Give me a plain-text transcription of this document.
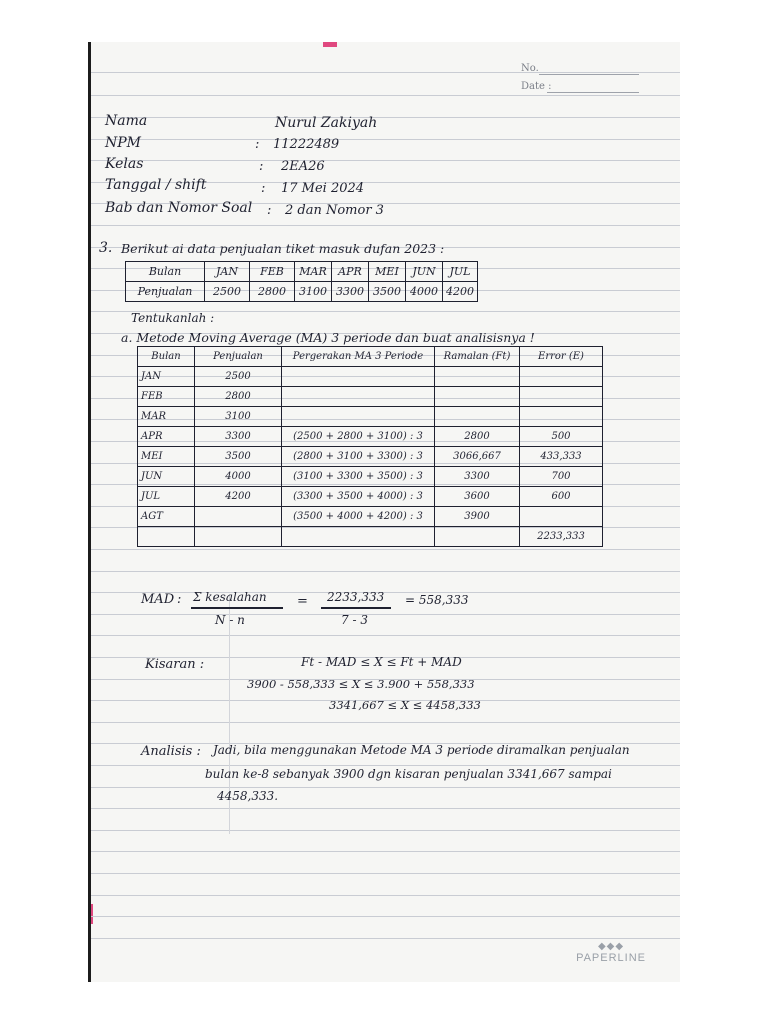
No.
Date :
Nama	Nurul Zakiyah
NPM	: 11222489
Kelas	: 2EA26
Tanggal / shift	: 17 Mei 2024
Bab dan Nomor Soal : 2 dan Nomor 3
3. Berikut ai data penjualan tiket masuk dufan 2023 :
Bulan	JAN	FEB	MAR	APR	MEI	JUN	JUL
Penjualan	2500	2800	3100	3300	3500	4000	4200
Tentukanlah :
a. Metode Moving Average (MA) 3 periode dan buat analisisnya !
Bulan	Penjualan	Pergerakan MA 3 Periode	Ramalan (Ft)	Error (E)
JAN	2500			
FEB	2800			
MAR	3100			
APR	3300	(2500 + 2800 + 3100) : 3	2800	500
MEI	3500	(2800 + 3100 + 3300) : 3	3066,667	433,333
JUN	4000	(3100 + 3300 + 3500) : 3	3300	700
JUL	4200	(3300 + 3500 + 4000) : 3	3600	600
AGT		(3500 + 4000 + 4200) : 3	3900	
				2233,333
MAD : Σ kesalahan
N - n
= 2233,333
7 - 3
= 558,333
Kisaran :	Ft - MAD ≤ X ≤ Ft + MAD
3900 - 558,333 ≤ X ≤ 3.900 + 558,333
3341,667 ≤ X ≤ 4458,333
Analisis : Jadi, bila menggunakan Metode MA 3 periode diramalkan penjualan
bulan ke-8 sebanyak 3900 dgn kisaran penjualan 3341,667 sampai
4458,333.
◆◆◆
PAPERLINE
